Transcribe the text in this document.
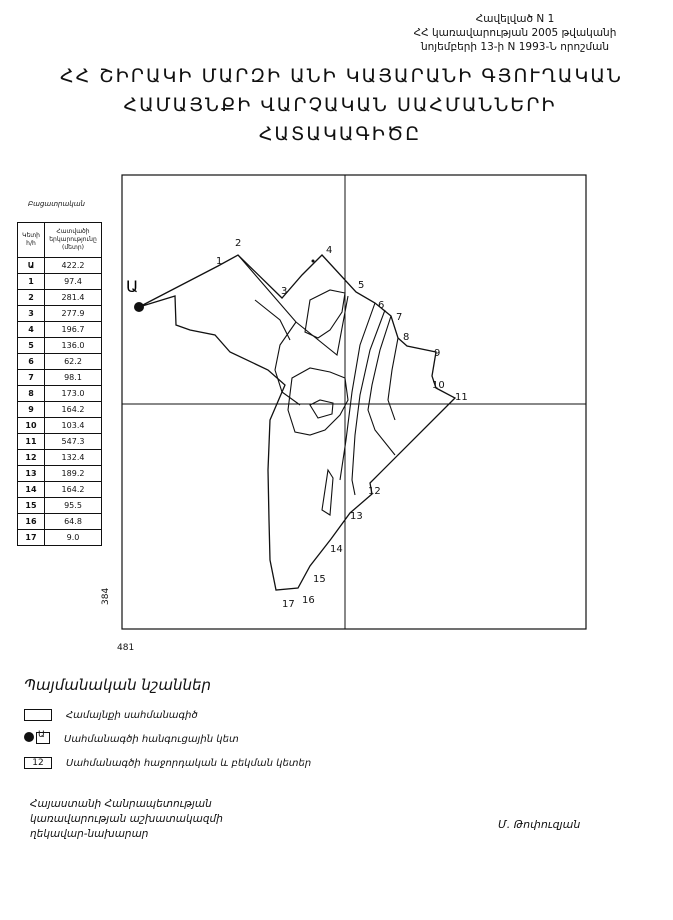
Հավելված N 1
ՀՀ կառավարության 2005 թվականի
նոյեմբերի 13-ի N 1993-Ն որոշման
ՀՀ ՇԻՐԱԿԻ ՄԱՐԶԻ ԱՆԻ ԿԱՅԱՐԱՆԻ ԳՅՈՒՂԱԿԱՆ
ՀԱՄԱՅՆՔԻ ՎԱՐՉԱԿԱՆ ՍԱՀՄԱՆՆԵՐԻ
ՀԱՏԱԿԱԳԻԾԸ
Բացատրական
Կետի հ/հ	Հատվածի երկարությունը (մետր)
Ա	422.2
1	97.4
2	281.4
3	277.9
4	196.7
5	136.0
6	62.2
7	98.1
8	173.0
9	164.2
10	103.4
11	547.3
12	132.4
13	189.2
14	164.2
15	95.5
16	64.8
17	9.0
Ա
1
2
3
4
5
6
7
8
9
10
11
12
13
14
15
16
17
384
481
Պայմանական նշաններ
Համայնքի սահմանագիծ
Ա Սահմանագծի հանգուցային կետ
12	Սահմանագծի հաջորդական և բեկման կետեր
Հայաստանի Հանրապետության
կառավարության աշխատակազմի
ղեկավար-նախարար
Մ. Թոփուզյան
